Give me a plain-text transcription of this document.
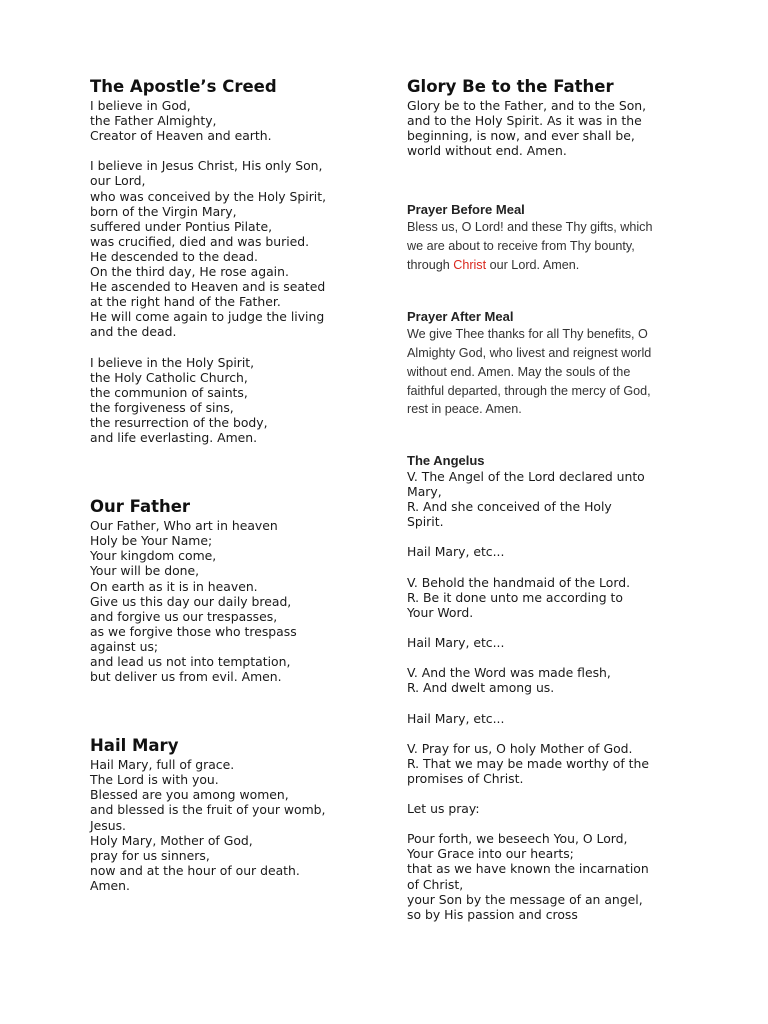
The Apostle’s Creed
I believe in God,
the Father Almighty,
Creator of Heaven and earth.
I believe in Jesus Christ, His only Son,
our Lord,
who was conceived by the Holy Spirit,
born of the Virgin Mary,
suffered under Pontius Pilate,
was crucified, died and was buried.
He descended to the dead.
On the third day, He rose again.
He ascended to Heaven and is seated
at the right hand of the Father.
He will come again to judge the living
and the dead.
I believe in the Holy Spirit,
the Holy Catholic Church,
the communion of saints,
the forgiveness of sins,
the resurrection of the body,
and life everlasting. Amen.
Our Father
Our Father, Who art in heaven
Holy be Your Name;
Your kingdom come,
Your will be done,
On earth as it is in heaven.
Give us this day our daily bread,
and forgive us our trespasses,
as we forgive those who trespass
against us;
and lead us not into temptation,
but deliver us from evil. Amen.
Hail Mary
Hail Mary, full of grace.
The Lord is with you.
Blessed are you among women,
and blessed is the fruit of your womb,
Jesus.
Holy Mary, Mother of God,
pray for us sinners,
now and at the hour of our death.
Amen.
Glory Be to the Father
Glory be to the Father, and to the Son,
and to the Holy Spirit. As it was in the
beginning, is now, and ever shall be,
world without end. Amen.
Prayer Before Meal
Bless us, O Lord! and these Thy gifts, which
we are about to receive from Thy bounty,
through Christ our Lord. Amen.
Prayer After Meal
We give Thee thanks for all Thy benefits, O
Almighty God, who livest and reignest world
without end. Amen. May the souls of the
faithful departed, through the mercy of God,
rest in peace. Amen.
The Angelus
V. The Angel of the Lord declared unto
Mary,
R. And she conceived of the Holy
Spirit.
Hail Mary, etc...
V. Behold the handmaid of the Lord.
R. Be it done unto me according to
Your Word.
Hail Mary, etc...
V. And the Word was made flesh,
R. And dwelt among us.
Hail Mary, etc...
V. Pray for us, O holy Mother of God.
R. That we may be made worthy of the
promises of Christ.
Let us pray:
Pour forth, we beseech You, O Lord,
Your Grace into our hearts;
that as we have known the incarnation
of Christ,
your Son by the message of an angel,
so by His passion and cross
